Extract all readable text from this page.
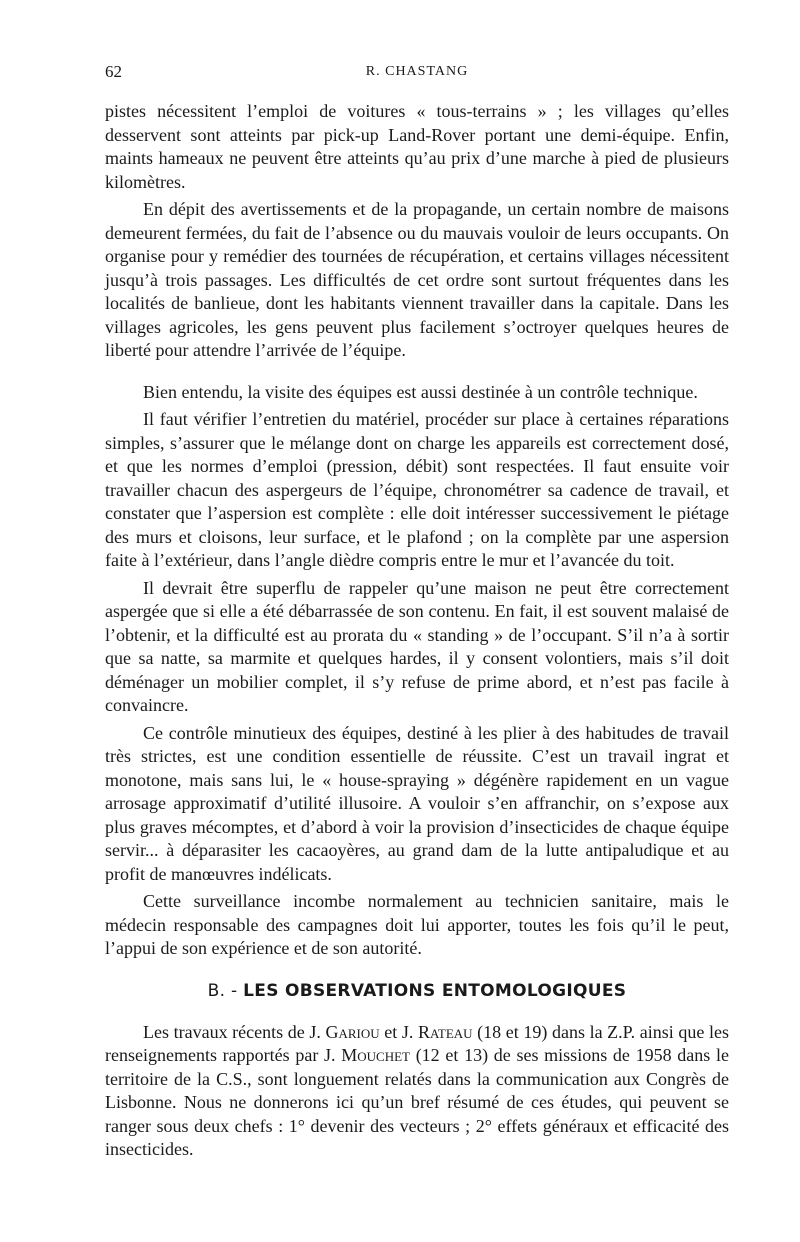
62	R. CHASTANG

pistes nécessitent l’emploi de voitures « tous-terrains » ; les villages qu’elles desservent sont atteints par pick-up Land-Rover portant une demi-équipe. Enfin, maints hameaux ne peuvent être atteints qu’au prix d’une marche à pied de plusieurs kilomètres.

En dépit des avertissements et de la propagande, un certain nombre de maisons demeurent fermées, du fait de l’absence ou du mauvais vouloir de leurs occupants. On organise pour y remédier des tournées de récupération, et certains villages nécessitent jusqu’à trois passages. Les difficultés de cet ordre sont surtout fréquentes dans les localités de banlieue, dont les habitants viennent travailler dans la capitale. Dans les villages agricoles, les gens peuvent plus facilement s’octroyer quelques heures de liberté pour attendre l’arrivée de l’équipe.

Bien entendu, la visite des équipes est aussi destinée à un contrôle technique.

Il faut vérifier l’entretien du matériel, procéder sur place à certaines réparations simples, s’assurer que le mélange dont on charge les appareils est correctement dosé, et que les normes d’emploi (pression, débit) sont respectées. Il faut ensuite voir travailler chacun des aspergeurs de l’équipe, chronométrer sa cadence de travail, et constater que l’aspersion est complète : elle doit intéresser successivement le piétage des murs et cloisons, leur surface, et le plafond ; on la complète par une aspersion faite à l’extérieur, dans l’angle dièdre compris entre le mur et l’avancée du toit.

Il devrait être superflu de rappeler qu’une maison ne peut être correctement aspergée que si elle a été débarrassée de son contenu. En fait, il est souvent malaisé de l’obtenir, et la difficulté est au prorata du « standing » de l’occupant. S’il n’a à sortir que sa natte, sa marmite et quelques hardes, il y consent volontiers, mais s’il doit déménager un mobilier complet, il s’y refuse de prime abord, et n’est pas facile à convaincre.

Ce contrôle minutieux des équipes, destiné à les plier à des habitudes de travail très strictes, est une condition essentielle de réussite. C’est un travail ingrat et monotone, mais sans lui, le « house-spraying » dégénère rapidement en un vague arrosage approximatif d’utilité illusoire. A vouloir s’en affranchir, on s’expose aux plus graves mécomptes, et d’abord à voir la provision d’insecticides de chaque équipe servir... à déparasiter les cacaoyères, au grand dam de la lutte antipaludique et au profit de manœuvres indélicats.

Cette surveillance incombe normalement au technicien sanitaire, mais le médecin responsable des campagnes doit lui apporter, toutes les fois qu’il le peut, l’appui de son expérience et de son autorité.

B. - LES OBSERVATIONS ENTOMOLOGIQUES

Les travaux récents de J. Gariou et J. Rateau (18 et 19) dans la Z.P. ainsi que les renseignements rapportés par J. Mouchet (12 et 13) de ses missions de 1958 dans le territoire de la C.S., sont longuement relatés dans la communication aux Congrès de Lisbonne. Nous ne donnerons ici qu’un bref résumé de ces études, qui peuvent se ranger sous deux chefs : 1° devenir des vecteurs ; 2° effets généraux et efficacité des insecticides.
